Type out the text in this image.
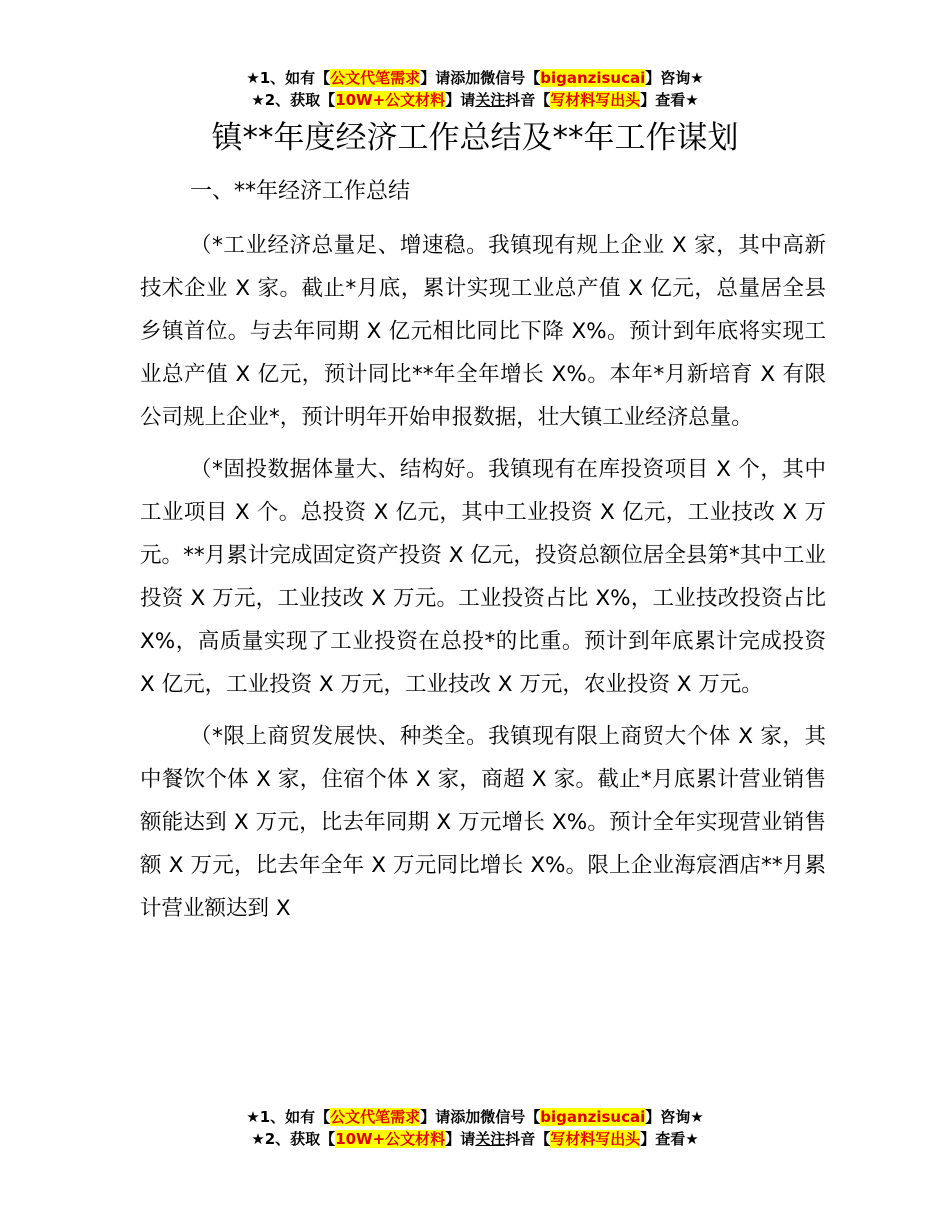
★1、如有【公文代笔需求】请添加微信号【biganzisucai】咨询★
★2、获取【10W+公文材料】请关注抖音【写材料写出头】查看★
镇**年度经济工作总结及**年工作谋划
一、**年经济工作总结

（*工业经济总量足、增速稳。我镇现有规上企业 X 家，其中高新技术企业 X 家。截止*月底，累计实现工业总产值 X 亿元，总量居全县乡镇首位。与去年同期 X 亿元相比同比下降 X%。预计到年底将实现工业总产值 X 亿元，预计同比**年全年增长 X%。本年*月新培育 X 有限公司规上企业*，预计明年开始申报数据，壮大镇工业经济总量。

（*固投数据体量大、结构好。我镇现有在库投资项目 X 个，其中工业项目 X 个。总投资 X 亿元，其中工业投资 X 亿元，工业技改 X 万元。**月累计完成固定资产投资 X 亿元，投资总额位居全县第*其中工业投资 X 万元，工业技改 X 万元。工业投资占比 X%，工业技改投资占比 X%，高质量实现了工业投资在总投*的比重。预计到年底累计完成投资 X 亿元，工业投资 X 万元，工业技改 X 万元，农业投资 X 万元。

（*限上商贸发展快、种类全。我镇现有限上商贸大个体 X 家，其中餐饮个体 X 家，住宿个体 X 家，商超 X 家。截止*月底累计营业销售额能达到 X 万元，比去年同期 X 万元增长 X%。预计全年实现营业销售额 X 万元，比去年全年 X 万元同比增长 X%。限上企业海宸酒店**月累计营业额达到 X

★1、如有【公文代笔需求】请添加微信号【biganzisucai】咨询★
★2、获取【10W+公文材料】请关注抖音【写材料写出头】查看★
